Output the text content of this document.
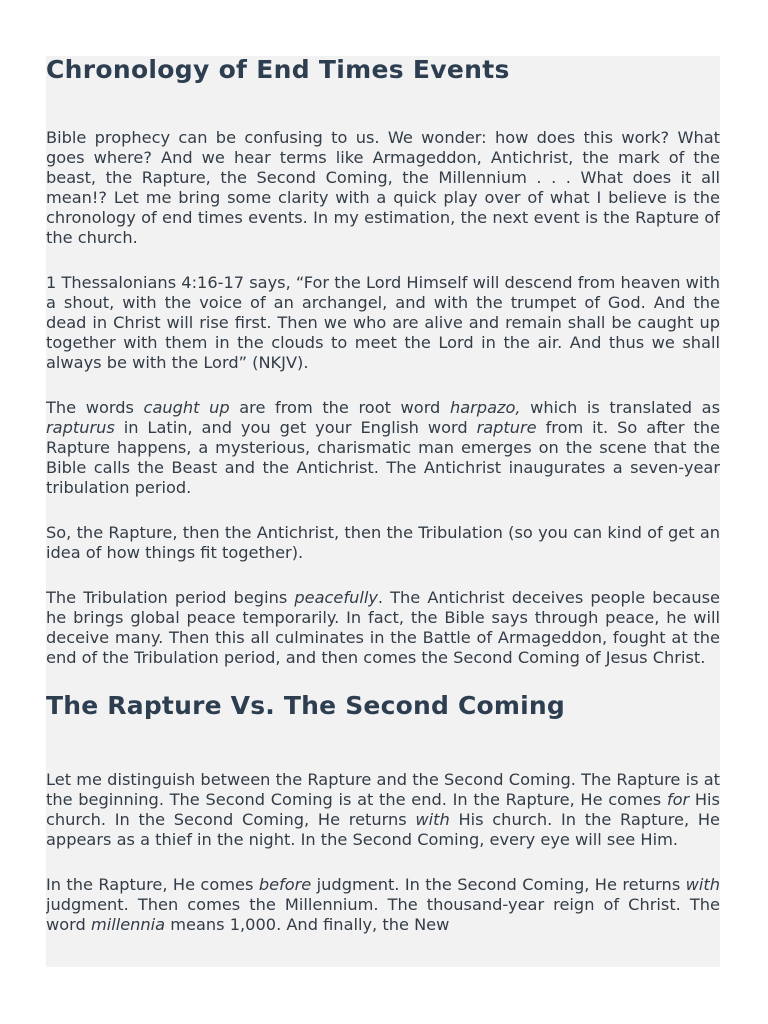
Chronology of End Times Events

Bible prophecy can be confusing to us. We wonder: how does this work? What goes where? And we hear terms like Armageddon, Antichrist, the mark of the beast, the Rapture, the Second Coming, the Millennium . . . What does it all mean!? Let me bring some clarity with a quick play over of what I believe is the chronology of end times events. In my estimation, the next event is the Rapture of the church.

1 Thessalonians 4:16-17 says, “For the Lord Himself will descend from heaven with a shout, with the voice of an archangel, and with the trumpet of God. And the dead in Christ will rise first. Then we who are alive and remain shall be caught up together with them in the clouds to meet the Lord in the air. And thus we shall always be with the Lord” (NKJV).

The words caught up are from the root word harpazo, which is translated as rapturus in Latin, and you get your English word rapture from it. So after the Rapture happens, a mysterious, charismatic man emerges on the scene that the Bible calls the Beast and the Antichrist. The Antichrist inaugurates a seven-year tribulation period.

So, the Rapture, then the Antichrist, then the Tribulation (so you can kind of get an idea of how things fit together).

The Tribulation period begins peacefully. The Antichrist deceives people because he brings global peace temporarily. In fact, the Bible says through peace, he will deceive many. Then this all culminates in the Battle of Armageddon, fought at the end of the Tribulation period, and then comes the Second Coming of Jesus Christ.

The Rapture Vs. The Second Coming

Let me distinguish between the Rapture and the Second Coming. The Rapture is at the beginning. The Second Coming is at the end. In the Rapture, He comes for His church. In the Second Coming, He returns with His church. In the Rapture, He appears as a thief in the night. In the Second Coming, every eye will see Him.

In the Rapture, He comes before judgment. In the Second Coming, He returns with judgment. Then comes the Millennium. The thousand-year reign of Christ. The word millennia means 1,000. And finally, the New
